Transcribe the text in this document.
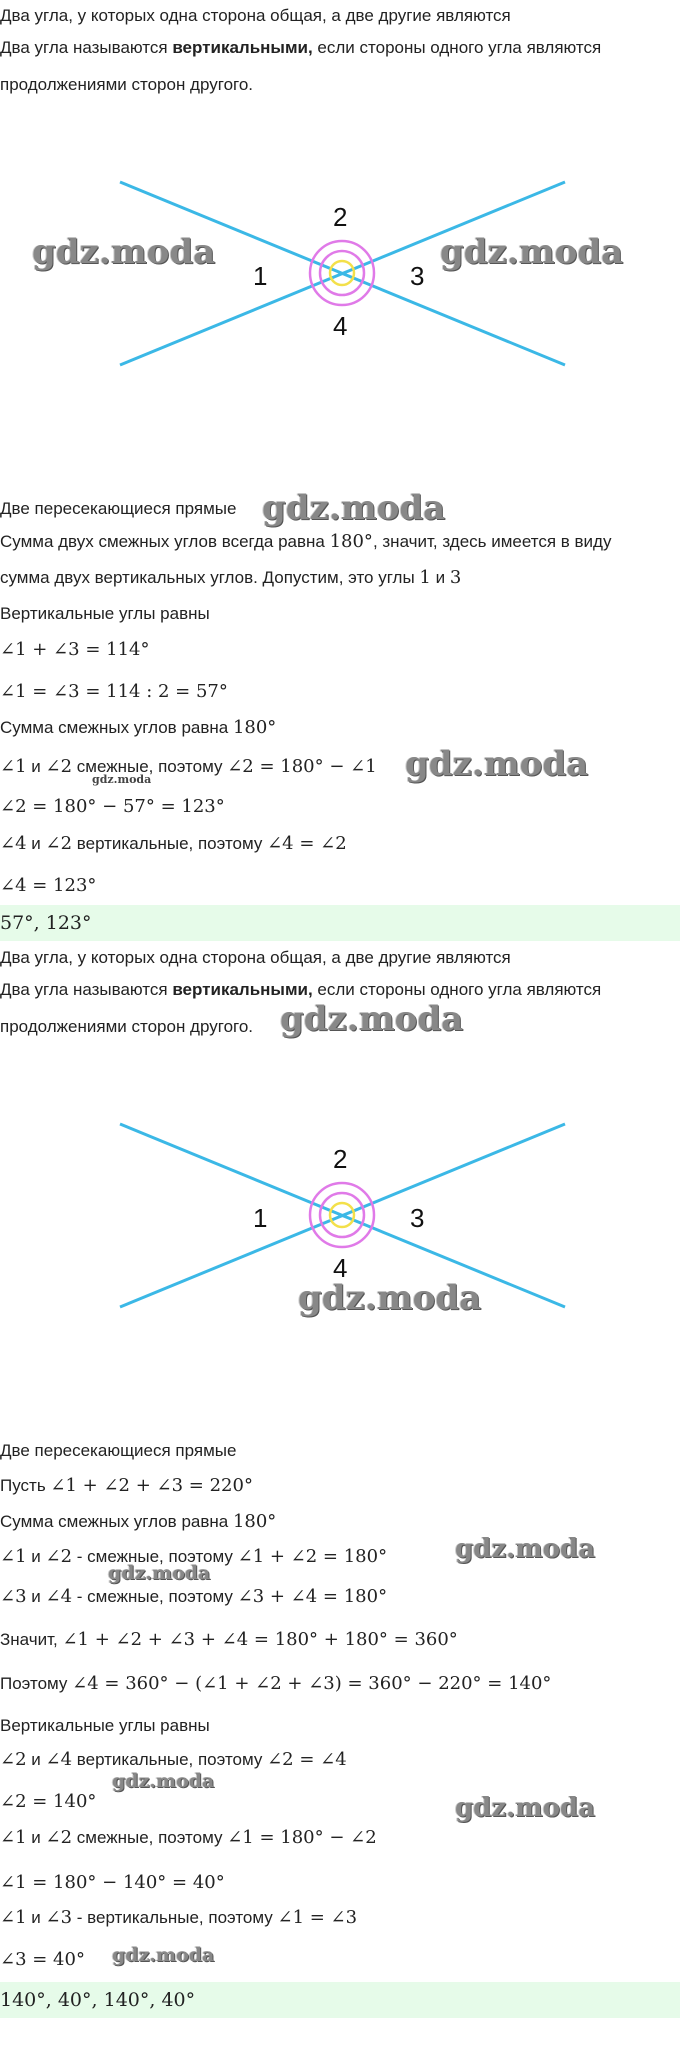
Два угла, у которых одна сторона общая, а две другие являются
Два угла называются вертикальными, если стороны одного угла являются
продолжениями сторон другого.
2
1	3
4
gdz.moda	gdz.moda
Две пересекающиеся прямые gdz.moda
Сумма двух смежных углов всегда равна 180°, значит, здесь имеется в виду
сумма двух вертикальных углов. Допустим, это углы 1 и 3
Вертикальные углы равны
∠1 + ∠3 = 114°
∠1 = ∠3 = 114 : 2 = 57°
Сумма смежных углов равна 180°
∠1 и ∠2 смежные, поэтому ∠2 = 180° − ∠1
gdz.moda	gdz.moda
∠2 = 180° − 57° = 123°
∠4 и ∠2 вертикальные, поэтому ∠4 = ∠2
∠4 = 123°
57°, 123°
Два угла, у которых одна сторона общая, а две другие являются
Два угла называются вертикальными, если стороны одного угла являются
продолжениями сторон другого. gdz.moda
2
1	3
4
gdz.moda
Две пересекающиеся прямые
Пусть ∠1 + ∠2 + ∠3 = 220°
Сумма смежных углов равна 180°
∠1 и ∠2 - смежные, поэтому ∠1 + ∠2 = 180°	gdz.moda
gdz.moda
∠3 и ∠4 - смежные, поэтому ∠3 + ∠4 = 180°
Значит, ∠1 + ∠2 + ∠3 + ∠4 = 180° + 180° = 360°
Поэтому ∠4 = 360° − (∠1 + ∠2 + ∠3) = 360° − 220° = 140°
Вертикальные углы равны
∠2 и ∠4 вертикальные, поэтому ∠2 = ∠4
gdz.moda
∠2 = 140°	gdz.moda
∠1 и ∠2 смежные, поэтому ∠1 = 180° − ∠2
∠1 = 180° − 140° = 40°
∠1 и ∠3 - вертикальные, поэтому ∠1 = ∠3
∠3 = 40° gdz.moda
140°, 40°, 140°, 40°
